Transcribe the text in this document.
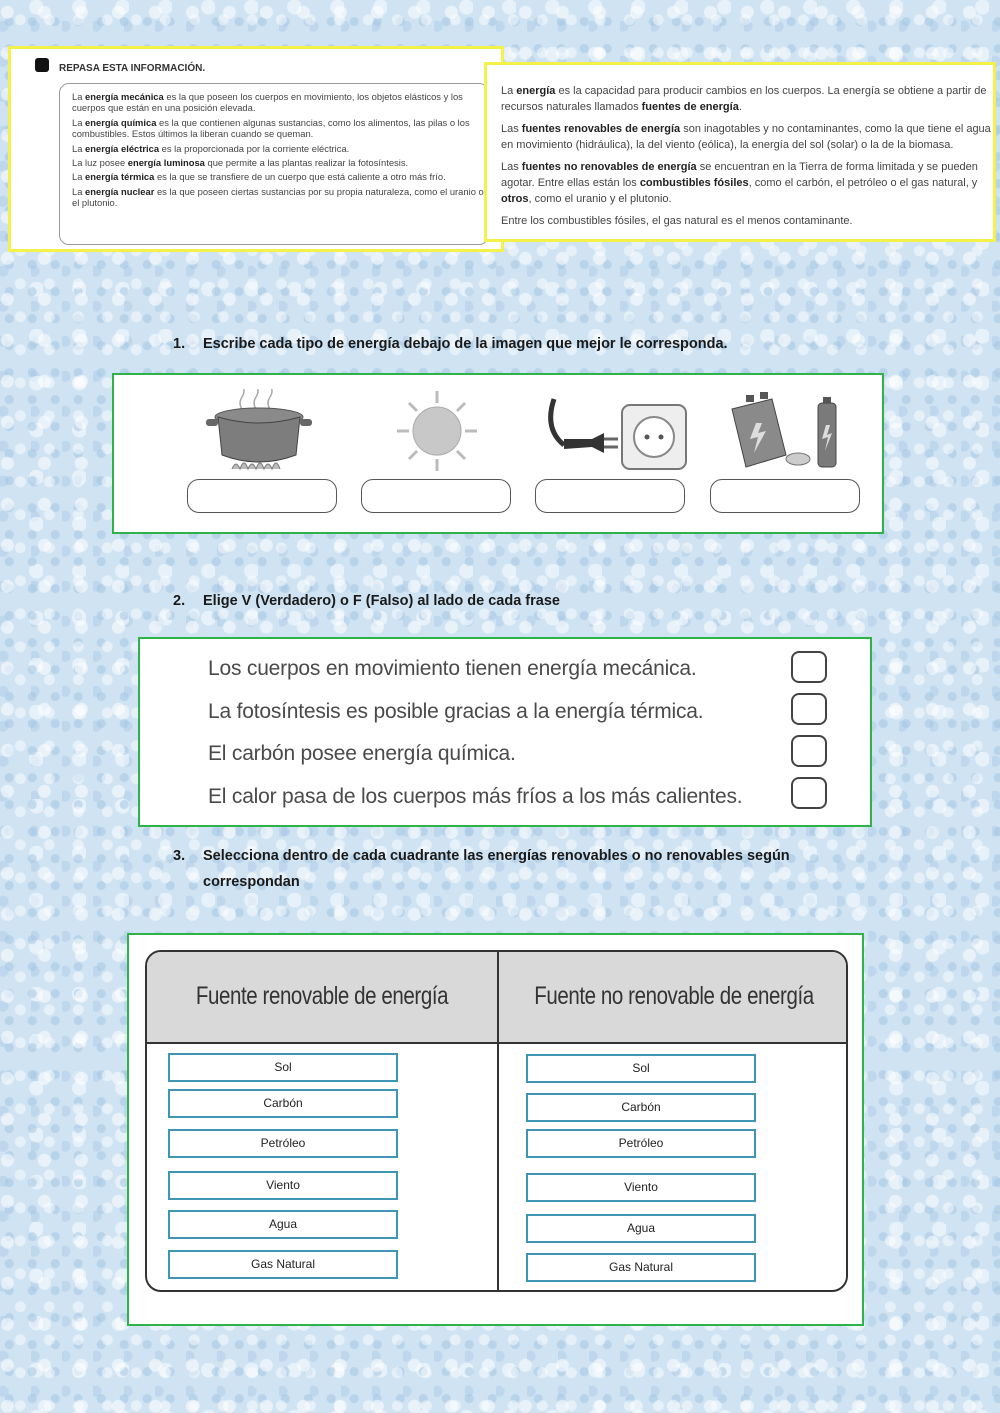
REPASA ESTA INFORMACIÓN.

La energía mecánica es la que poseen los cuerpos en movimiento, los objetos elásticos y los cuerpos que están en una posición elevada.

La energía química es la que contienen algunas sustancias, como los alimentos, las pilas o los combustibles. Estos últimos la liberan cuando se queman.

La energía eléctrica es la proporcionada por la corriente eléctrica.

La luz posee energía luminosa que permite a las plantas realizar la fotosíntesis.

La energía térmica es la que se transfiere de un cuerpo que está caliente a otro más frío.

La energía nuclear es la que poseen ciertas sustancias por su propia naturaleza, como el uranio o el plutonio.

La energía es la capacidad para producir cambios en los cuerpos. La energía se obtiene a partir de recursos naturales llamados fuentes de energía.

Las fuentes renovables de energía son inagotables y no contaminantes, como la que tiene el agua en movimiento (hidráulica), la del viento (eólica), la energía del sol (solar) o la de la biomasa.

Las fuentes no renovables de energía se encuentran en la Tierra de forma limitada y se pueden agotar. Entre ellas están los combustibles fósiles, como el carbón, el petróleo o el gas natural, y otros, como el uranio y el plutonio.

Entre los combustibles fósiles, el gas natural es el menos contaminante.

1. Escribe cada tipo de energía debajo de la imagen que mejor le corresponda.
2. Elige V (Verdadero) o F (Falso) al lado de cada frase
Los cuerpos en movimiento tienen energía mecánica.
La fotosíntesis es posible gracias a la energía térmica.
El carbón posee energía química.
El calor pasa de los cuerpos más fríos a los más calientes.
3. Selecciona dentro de cada cuadrante las energías renovables o no renovables según
correspondan
Fuente renovable de energía	Fuente no renovable de energía
Sol
Carbón
Petróleo
Viento
Agua
Gas Natural
Sol
Carbón
Petróleo
Viento
Agua
Gas Natural
